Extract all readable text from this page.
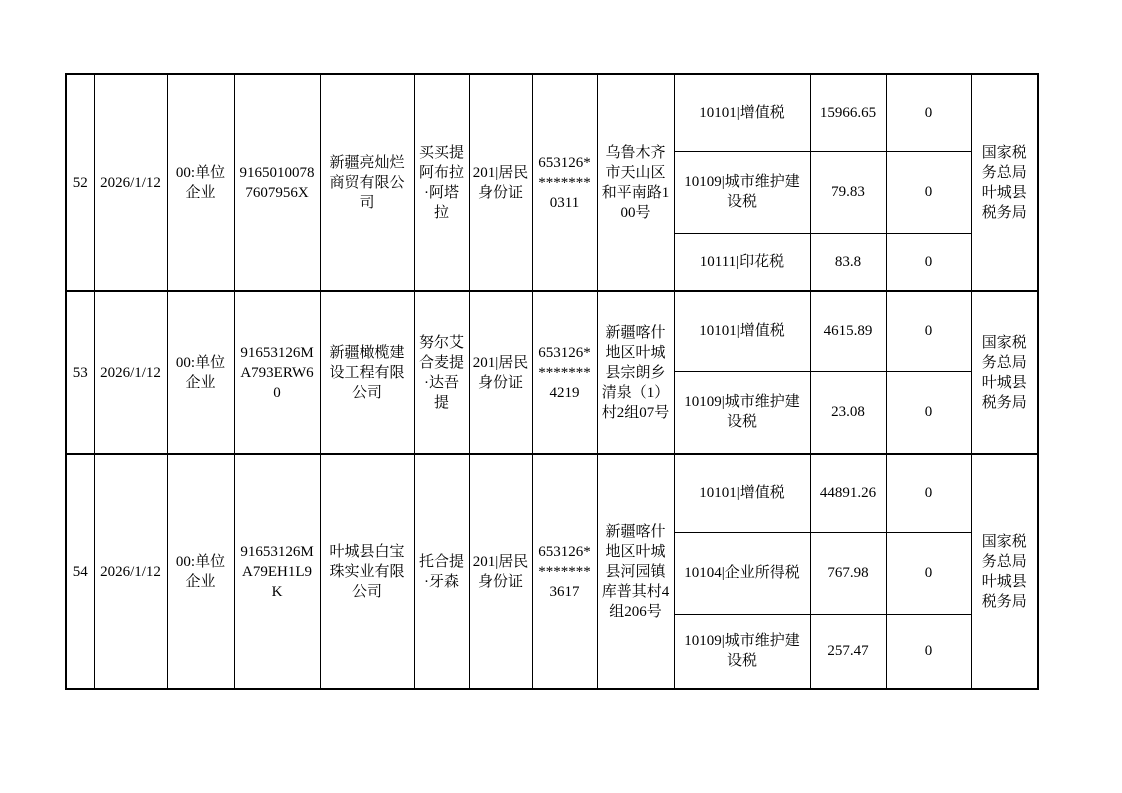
52	2026/1/12	00:单位企业	91650100787607956X	新疆亮灿烂商贸有限公司	买买提阿布拉·阿塔拉	201|居民身份证	653126********0311	乌鲁木齐市天山区和平南路100号	10101|增值税	15966.65	0	国家税务总局叶城县税务局
									10109|城市维护建设税	79.83	0	
									10111|印花税	83.8	0	
53	2026/1/12	00:单位企业	91653126MA793ERW60	新疆橄榄建设工程有限公司	努尔艾合麦提·达吾提	201|居民身份证	653126********4219	新疆喀什地区叶城县宗朗乡清泉（1）村2组07号	10101|增值税	4615.89	0	国家税务总局叶城县税务局
									10109|城市维护建设税	23.08	0	
54	2026/1/12	00:单位企业	91653126MA79EH1L9K	叶城县白宝珠实业有限公司	托合提·牙森	201|居民身份证	653126********3617	新疆喀什地区叶城县河园镇库普其村4组206号	10101|增值税	44891.26	0	国家税务总局叶城县税务局
									10104|企业所得税	767.98	0	
									10109|城市维护建设税	257.47	0	
